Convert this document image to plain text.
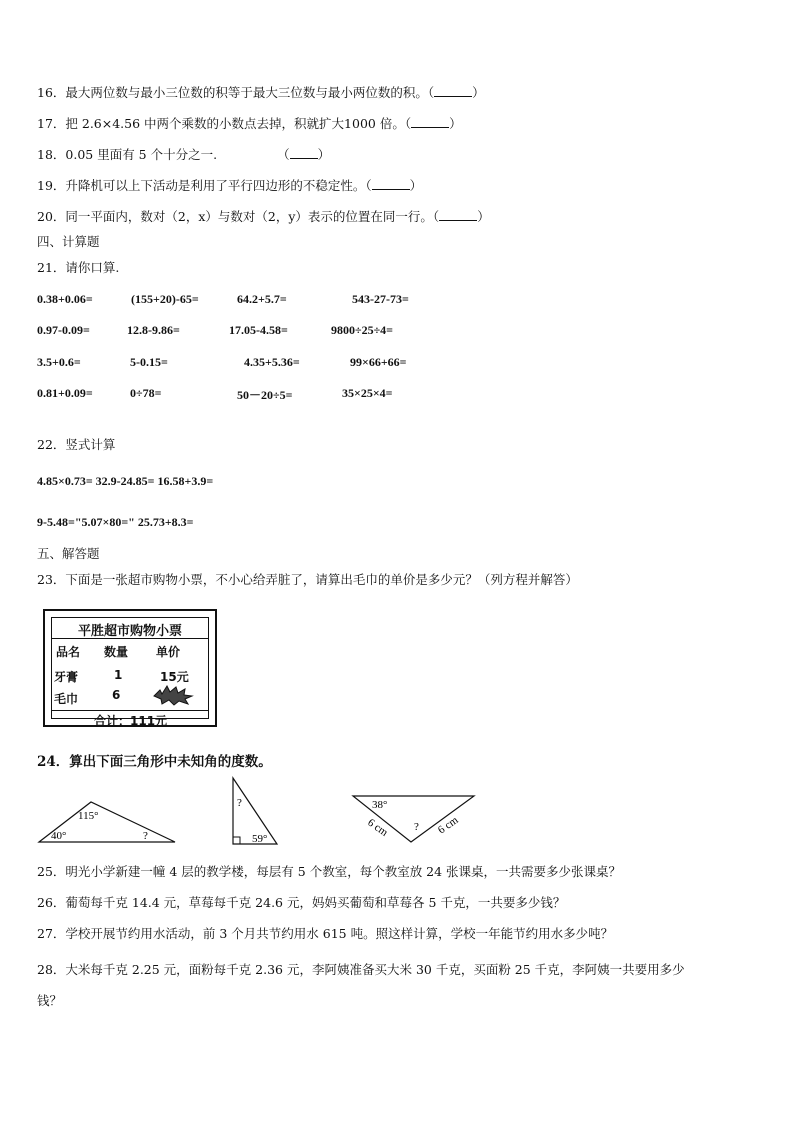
16．最大两位数与最小三位数的积等于最大三位数与最小两位数的积。（	）
17．把 2.6×4.56 中两个乘数的小数点去掉，积就扩大1000 倍。（	）
18．0.05 里面有 5 个十分之一.	（ ）
19．升降机可以上下活动是利用了平行四边形的不稳定性。（	）
20．同一平面内，数对（2，x）与数对（2，y）表示的位置在同一行。（	）
四、计算题
21．请你口算.
0.38+0.06=	(155+20)-65=	64.2+5.7=	543-27-73=
0.97-0.09=	12.8-9.86=	17.05-4.58=	9800÷25÷4=
3.5+0.6=	5-0.15=	4.35+5.36=	99×66+66=
0.81+0.09=	0÷78=	50－20÷5=	35×25×4=
22．竖式计算
4.85×0.73= 32.9-24.85= 16.58+3.9=
9-5.48="5.07×80=" 25.73+8.3=
五、解答题
23．下面是一张超市购物小票，不小心给弄脏了，请算出毛巾的单价是多少元？（列方程并解答）
平胜超市购物小票
品名 数量 单价
牙膏	1	15元
毛巾	6
合计：111元
24．算出下面三角形中未知角的度数。
115°
40°	?
?
59°
38°
6 cm	6 cm
?
25．明光小学新建一幢 4 层的教学楼，每层有 5 个教室，每个教室放 24 张课桌，一共需要多少张课桌？
26．葡萄每千克 14.4 元，草莓每千克 24.6 元，妈妈买葡萄和草莓各 5 千克，一共要多少钱？
27．学校开展节约用水活动，前 3 个月共节约用水 615 吨。照这样计算，学校一年能节约用水多少吨？
28．大米每千克 2.25 元，面粉每千克 2.36 元，李阿姨准备买大米 30 千克，买面粉 25 千克，李阿姨一共要用多少
钱？
